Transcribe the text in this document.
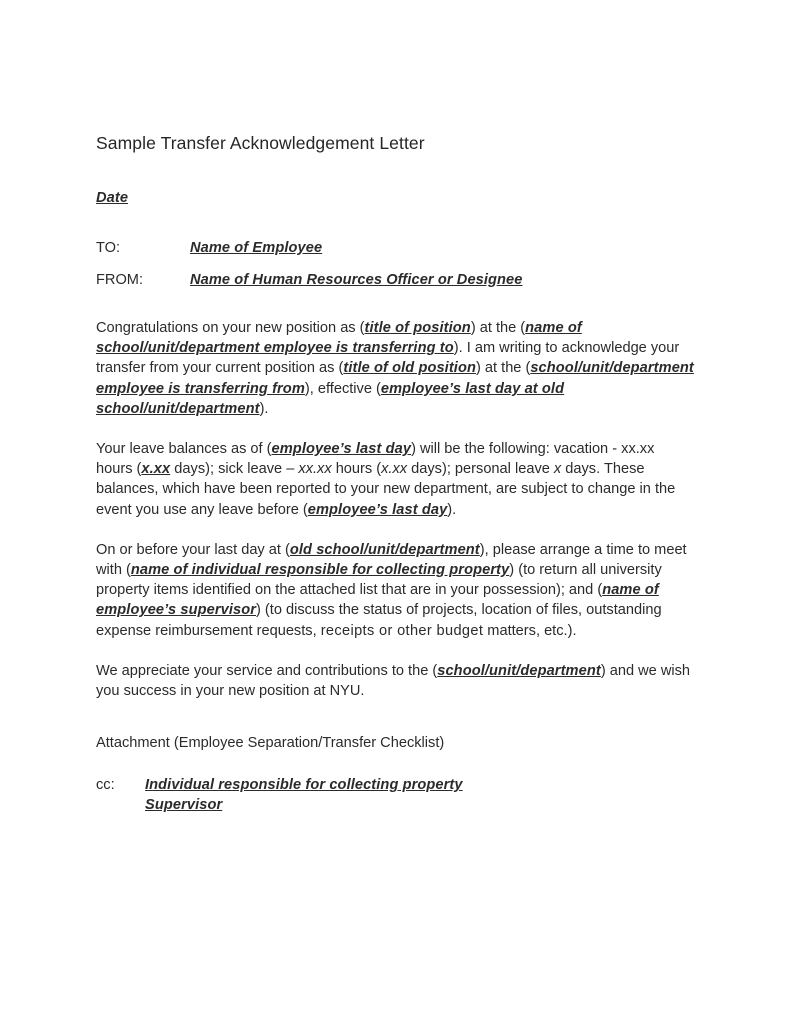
Sample Transfer Acknowledgement Letter
Date
TO:	Name of Employee
FROM:	Name of Human Resources Officer or Designee

Congratulations on your new position as (title of position) at the (name of school/unit/department employee is transferring to). I am writing to acknowledge your transfer from your current position as (title of old position) at the (school/unit/department employee is transferring from), effective (employee’s last day at old school/unit/department).

Your leave balances as of (employee’s last day) will be the following: vacation - xx.xx hours (x.xx days); sick leave – xx.xx hours (x.xx days); personal leave x days. These balances, which have been reported to your new department, are subject to change in the event you use any leave before (employee’s last day).

On or before your last day at (old school/unit/department), please arrange a time to meet with (name of individual responsible for collecting property) (to return all university property items identified on the attached list that are in your possession); and (name of employee’s supervisor) (to discuss the status of projects, location of files, outstanding expense reimbursement requests, receipts or other budget matters, etc.).

We appreciate your service and contributions to the (school/unit/department) and we wish you success in your new position at NYU.

Attachment (Employee Separation/Transfer Checklist)
cc:	Individual responsible for collecting property
Supervisor
